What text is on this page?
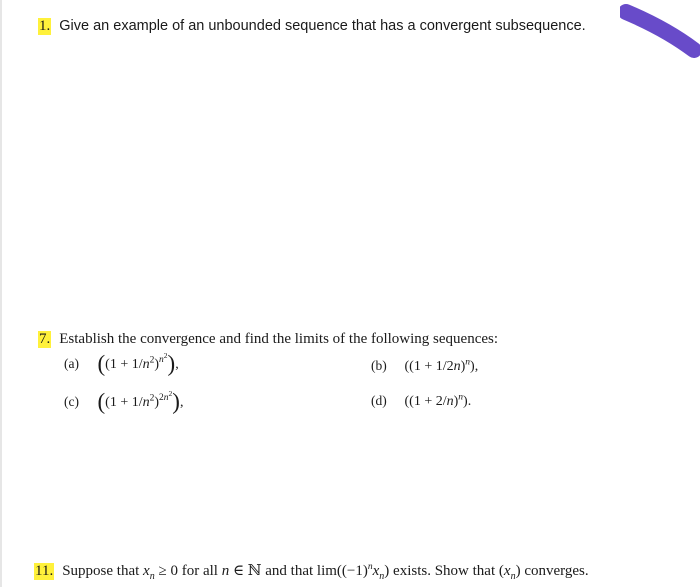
1. Give an example of an unbounded sequence that has a convergent subsequence.
7. Establish the convergence and find the limits of the following sequences:
(a) $((1 + 1/n^2)^{n^2})$,	(b) $((1 + 1/2n)^n)$,
(c) $((1 + 1/n^2)^{2n^2})$,	(d) $((1 + 2/n)^n)$.
11. Suppose that $x_n \ge 0$ for all n ∈ ℕ and that $\lim((-1)^nx_n)$ exists. Show that $(x_n)$ converges.
